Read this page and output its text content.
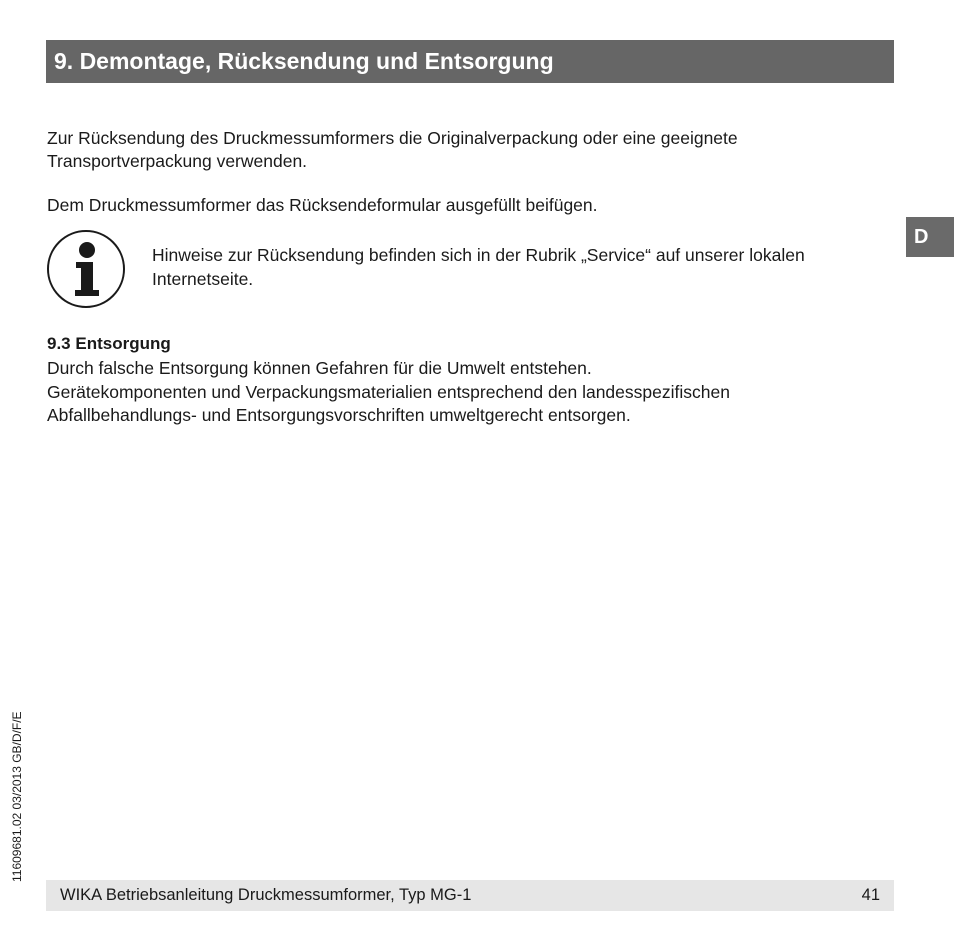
9. Demontage, Rücksendung und Entsorgung

Zur Rücksendung des Druckmessumformers die Originalverpackung oder eine geeignete Transportverpackung verwenden.

Dem Druckmessumformer das Rücksendeformular ausgefüllt beifügen.

Hinweise zur Rücksendung befinden sich in der Rubrik „Service“ auf unserer lokalen Internetseite.
9.3 Entsorgung
Durch falsche Entsorgung können Gefahren für die Umwelt entstehen.
Gerätekomponenten und Verpackungsmaterialien entsprechend den landesspezifischen
Abfallbehandlungs- und Entsorgungsvorschriften umweltgerecht entsorgen.
D
11609681.02 03/2013 GB/D/F/E
WIKA Betriebsanleitung Druckmessumformer, Typ MG-1	41
